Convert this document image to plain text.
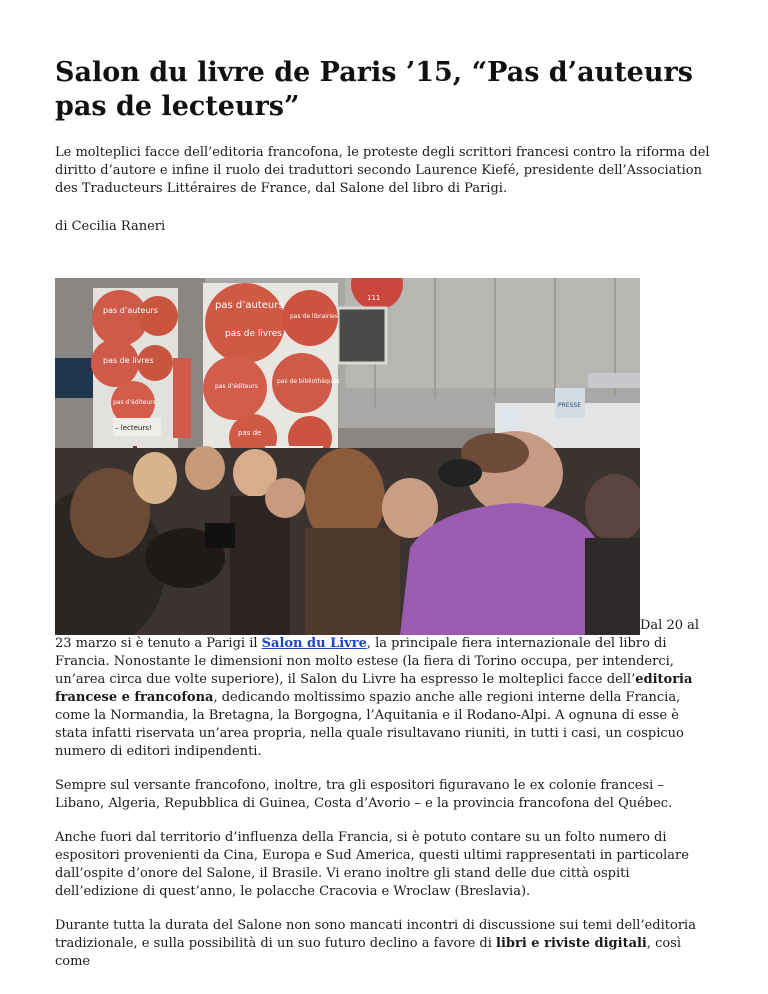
Salon du livre de Paris ’15, “Pas d’auteurs pas de lecteurs”

Le molteplici facce dell’editoria francofona, le proteste degli scrittori francesi contro la riforma del diritto d’autore e infine il ruolo dei traduttori secondo Laurence Kiefé, presidente dell’Association des Traducteurs Littéraires de France, dal Salone del libro di Parigi.

di Cecilia Raneri

111
PRESSE
pas d’auteurs
pas de livres
pas d’éditeurs
– lecteurs!
pas d’auteurs
pas de livres
pas de librairies
pas d’éditeurs
pas de bibliothèques
pas de
Dal 20 al 23 marzo si è tenuto a Parigi il Salon du Livre, la principale fiera internazionale del libro di Francia. Nonostante le dimensioni non molto estese (la fiera di Torino occupa, per intenderci, un’area circa due volte superiore), il Salon du Livre ha espresso le molteplici facce dell’editoria francese e francofona, dedicando moltissimo spazio anche alle regioni interne della Francia, come la Normandia, la Bretagna, la Borgogna, l’Aquitania e il Rodano-Alpi. A ognuna di esse è stata infatti riservata un’area propria, nella quale risultavano riuniti, in tutti i casi, un cospicuo numero di editori indipendenti.

Sempre sul versante francofono, inoltre, tra gli espositori figuravano le ex colonie francesi – Libano, Algeria, Repubblica di Guinea, Costa d’Avorio – e la provincia francofona del Québec.

Anche fuori dal territorio d’influenza della Francia, si è potuto contare su un folto numero di espositori provenienti da Cina, Europa e Sud America, questi ultimi rappresentati in particolare dall’ospite d’onore del Salone, il Brasile. Vi erano inoltre gli stand delle due città ospiti dell’edizione di quest’anno, le polacche Cracovia e Wroclaw (Breslavia).

Durante tutta la durata del Salone non sono mancati incontri di discussione sui temi dell’editoria tradizionale, e sulla possibilità di un suo futuro declino a favore di libri e riviste digitali, così come
